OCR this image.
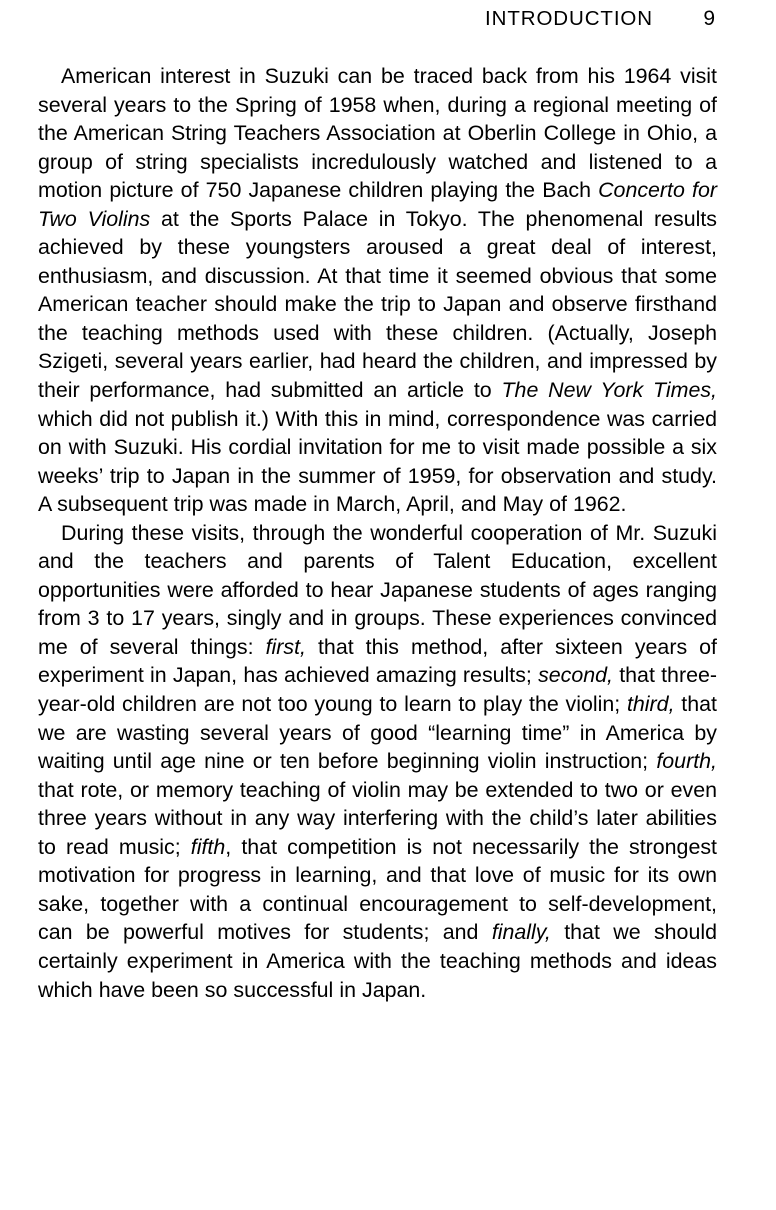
INTRODUCTION	9

American interest in Suzuki can be traced back from his 1964 visit several years to the Spring of 1958 when, during a regional meeting of the American String Teachers Association at Oberlin College in Ohio, a group of string specialists incredulously watched and listened to a motion picture of 750 Japanese children playing the Bach Concerto for Two Violins at the Sports Palace in Tokyo. The phenomenal results achieved by these youngsters aroused a great deal of interest, enthusiasm, and discussion. At that time it seemed obvious that some American teacher should make the trip to Japan and observe firsthand the teaching methods used with these children. (Actually, Joseph Szigeti, several years earlier, had heard the children, and impressed by their performance, had submitted an article to The New York Times, which did not publish it.) With this in mind, correspondence was carried on with Suzuki. His cordial invitation for me to visit made possible a six weeks’ trip to Japan in the summer of 1959, for observation and study. A subsequent trip was made in March, April, and May of 1962.

During these visits, through the wonderful cooperation of Mr. Suzuki and the teachers and parents of Talent Education, excellent opportunities were afforded to hear Japanese students of ages ranging from 3 to 17 years, singly and in groups. These experiences convinced me of several things: first, that this method, after sixteen years of experiment in Japan, has achieved amazing results; second, that three-year-old children are not too young to learn to play the violin; third, that we are wasting several years of good “learning time” in America by waiting until age nine or ten before beginning violin instruction; fourth, that rote, or memory teaching of violin may be extended to two or even three years without in any way interfering with the child’s later abilities to read music; fifth, that competition is not necessarily the strongest motivation for progress in learning, and that love of music for its own sake, together with a continual encouragement to self-development, can be powerful motives for students; and finally, that we should certainly experiment in America with the teaching methods and ideas which have been so successful in Japan.
